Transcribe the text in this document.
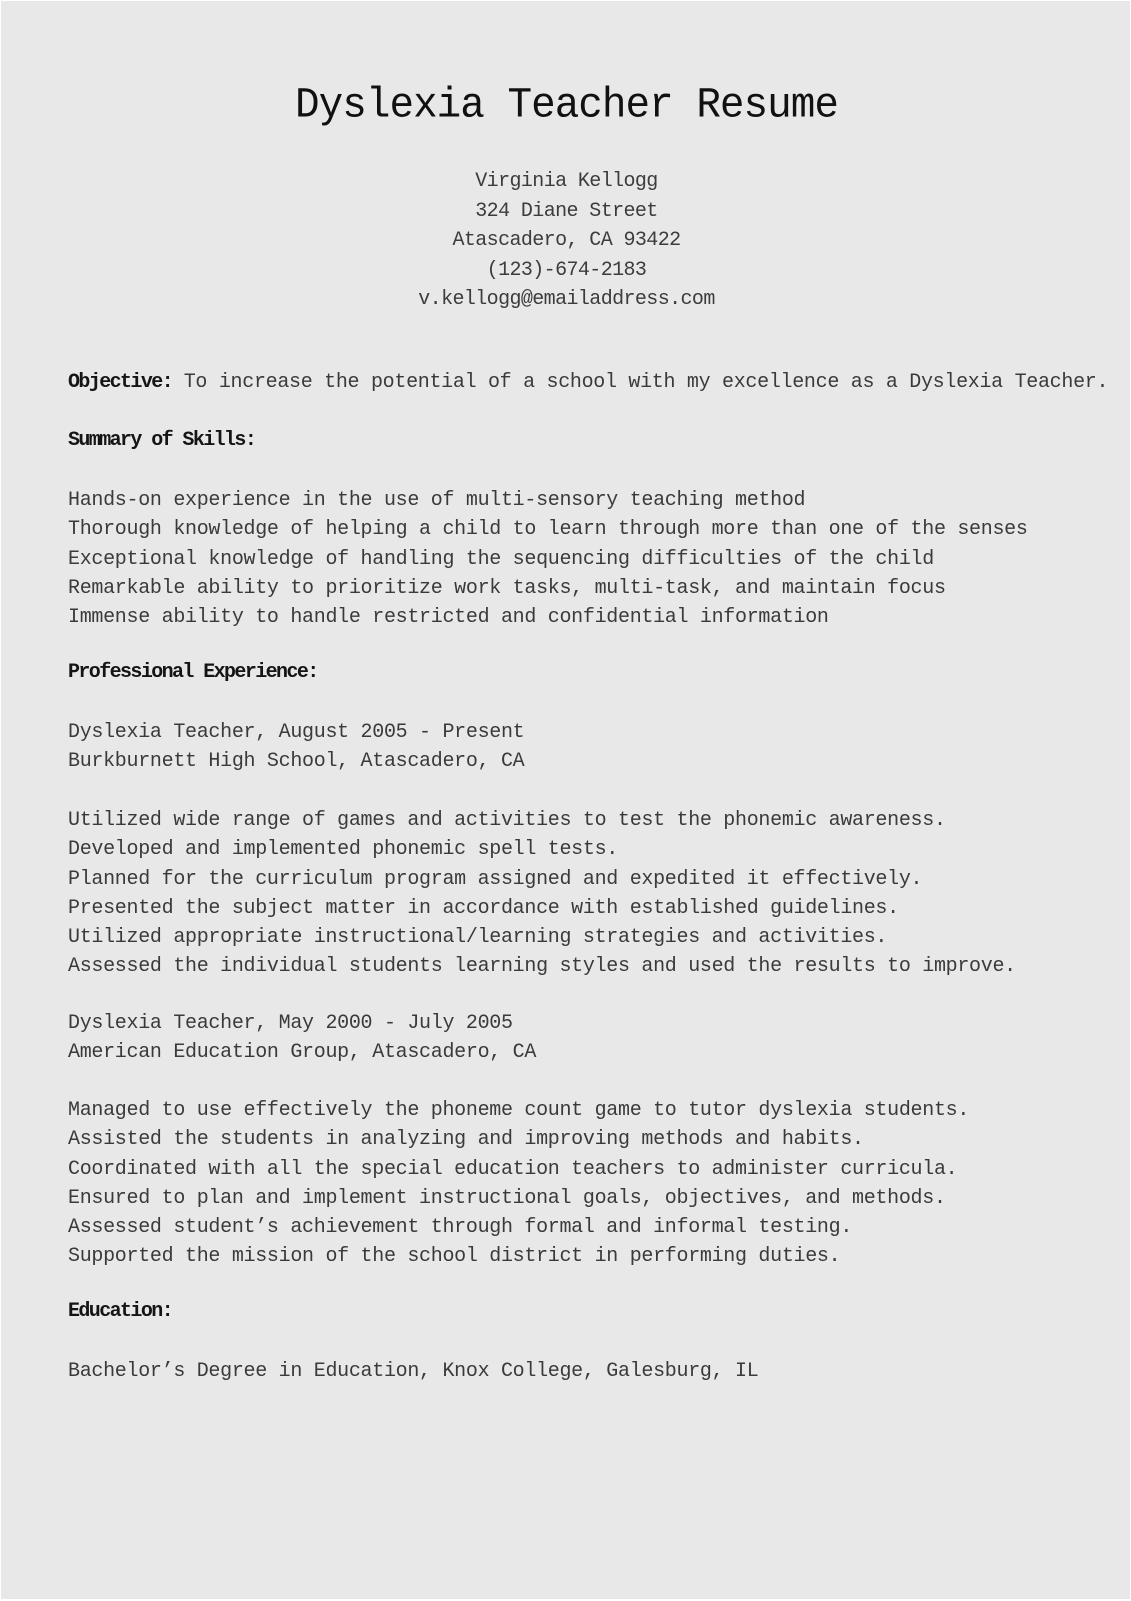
Dyslexia Teacher Resume
Virginia Kellogg
324 Diane Street
Atascadero, CA 93422
(123)-674-2183
v.kellogg@emailaddress.com
Objective: To increase the potential of a school with my excellence as a Dyslexia Teacher.
Summary of Skills:
Hands-on experience in the use of multi-sensory teaching method
Thorough knowledge of helping a child to learn through more than one of the senses
Exceptional knowledge of handling the sequencing difficulties of the child
Remarkable ability to prioritize work tasks, multi-task, and maintain focus
Immense ability to handle restricted and confidential information
Professional Experience:
Dyslexia Teacher, August 2005 - Present
Burkburnett High School, Atascadero, CA
Utilized wide range of games and activities to test the phonemic awareness.
Developed and implemented phonemic spell tests.
Planned for the curriculum program assigned and expedited it effectively.
Presented the subject matter in accordance with established guidelines.
Utilized appropriate instructional/learning strategies and activities.
Assessed the individual students learning styles and used the results to improve.
Dyslexia Teacher, May 2000 - July 2005
American Education Group, Atascadero, CA
Managed to use effectively the phoneme count game to tutor dyslexia students.
Assisted the students in analyzing and improving methods and habits.
Coordinated with all the special education teachers to administer curricula.
Ensured to plan and implement instructional goals, objectives, and methods.
Assessed student’s achievement through formal and informal testing.
Supported the mission of the school district in performing duties.
Education:
Bachelor’s Degree in Education, Knox College, Galesburg, IL
